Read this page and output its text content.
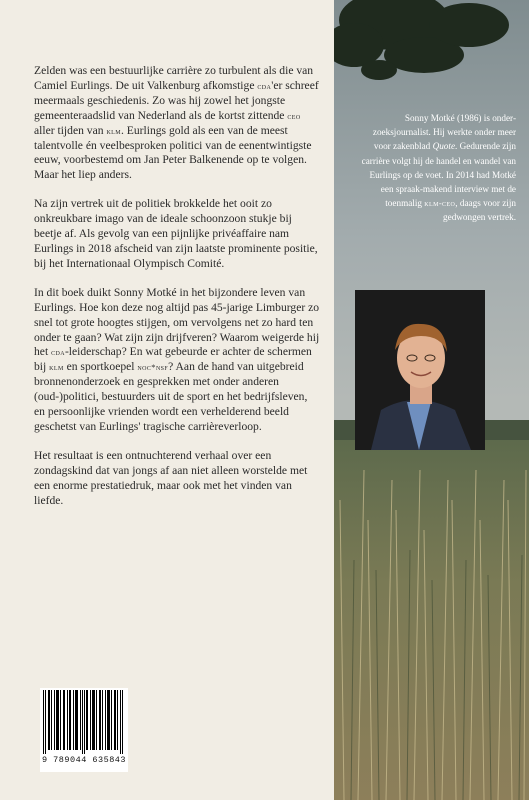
Zelden was een bestuurlijke carrière zo turbulent als die van Camiel Eurlings. De uit Valkenburg afkomstige cda'er schreef meermaals geschiedenis. Zo was hij zowel het jongste gemeenteraadslid van Nederland als de kortst zittende ceo aller tijden van klm. Eurlings gold als een van de meest talentvolle én veelbesproken politici van de eenentwintigste eeuw, voorbestemd om Jan Peter Balkenende op te volgen. Maar het liep anders.

Na zijn vertrek uit de politiek brokkelde het ooit zo onkreukbare imago van de ideale schoonzoon stukje bij beetje af. Als gevolg van een pijnlijke privéaffaire nam Eurlings in 2018 afscheid van zijn laatste prominente positie, bij het Internationaal Olympisch Comité.

In dit boek duikt Sonny Motké in het bijzondere leven van Eurlings. Hoe kon deze nog altijd pas 45-jarige Limburger zo snel tot grote hoogtes stijgen, om vervolgens net zo hard ten onder te gaan? Wat zijn zijn drijfveren? Waarom weigerde hij het cda-leiderschap? En wat gebeurde er achter de schermen bij klm en sportkoepel noc*nsf? Aan de hand van uitgebreid bronnenonderzoek en gesprekken met onder anderen (oud-)politici, bestuurders uit de sport en het bedrijfsleven, en persoonlijke vrienden wordt een verhelderend beeld geschetst van Eurlings' tragische carrièreverloop.

Het resultaat is een ontnuchterend verhaal over een zondagskind dat van jongs af aan niet alleen worstelde met een enorme prestatiedruk, maar ook met het vinden van liefde.

Sonny Motké (1986) is onder-zoeksjournalist. Hij werkte onder meer voor zakenblad Quote. Gedurende zijn carrière volgt hij de handel en wandel van Eurlings op de voet. In 2014 had Motké een spraak-makend interview met de toenmalig klm-ceo, daags voor zijn gedwongen vertrek.
9 789044 635843
